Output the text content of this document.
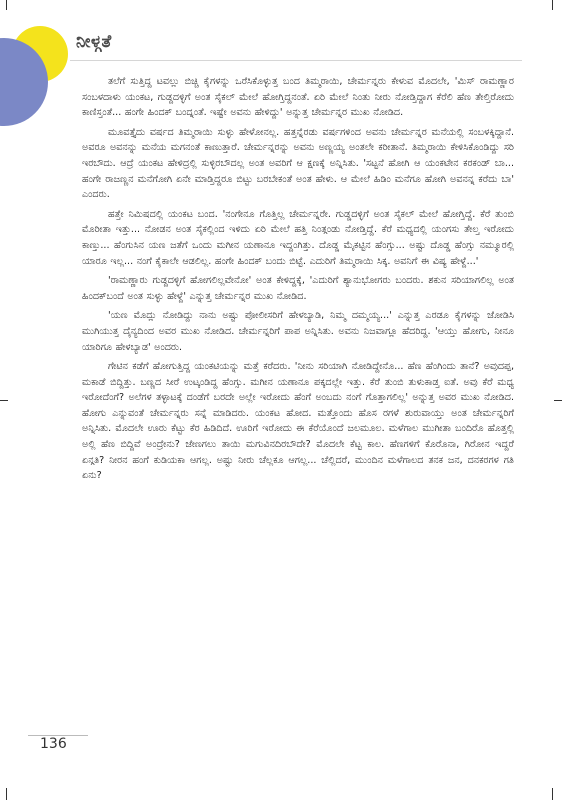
ನೀಳ್ಗತೆ

ತಲೆಗೆ ಸುತ್ತಿದ್ದ ಟವಲ್ಲು ಬಿಚ್ಚಿ ಕೈಗಳನ್ನು ಒರೆಸಿಕೊಳ್ಳುತ್ತ ಬಂದ ತಿಮ್ಮರಾಯಿ, ಚೇರ್ಮನ್ನರು ಕೇಳುವ ಮೊದಲೇ, 'ಮಿಸ್ ರಾಮಣ್ಣಾರ ಸಂಬಳದಾಳು ಯಂಕಟ, ಗುಡ್ದದಳ್ಳಿಗೆ ಅಂತ ಸೈಕಲ್ ಮೇಲೆ ಹೋಗ್ತಿದ್ದನಂತೆ. ಏರಿ ಮೇಲೆ ನಿಂತು ನೀರು ನೋಡ್ತಿದ್ದಾಗ ಕೆರೆಲಿ ಹೆಣ ತೇಲ್ತಿರೋದು ಕಾಣಿಸ್ತಂತೆ... ಹಂಗೇ ಹಿಂದಕ್ ಬಂದ್ನಂತೆ. ಇಷ್ಟೇ ಅವನು ಹೇಳಿದ್ದು' ಅನ್ನುತ್ತ ಚೇರ್ಮನ್ನರ ಮುಖ ನೋಡಿದ.

ಮೂವತ್ತೈದು ವರ್ಷದ ತಿಮ್ಮರಾಯಿ ಸುಳ್ಳು ಹೇಳೋನಲ್ಲ. ಹತ್ತನ್ನೆರಡು ವರ್ಷಗಳಿಂದ ಅವನು ಚೇರ್ಮನ್ನರ ಮನೆಯಲ್ಲಿ ಸಂಬಳಕ್ಕಿದ್ದಾನೆ. ಅವರೂ ಅವನನ್ನು ಮನೆಯ ಮಗನಂತೆ ಕಾಣುತ್ತಾರೆ. ಚೇರ್ಮನ್ನರನ್ನು ಅವನು ಅಣ್ಣಯ್ಯ ಅಂತಲೇ ಕರೀತಾನೆ. ತಿಮ್ಮರಾಯಿ ಕೇಳಿಸಿಕೊಂಡಿದ್ದು ಸರಿ ಇರಬೌದು. ಆದ್ರೆ ಯಂಕಟ ಹೇಳಿದ್ರಲ್ಲಿ ಸುಳ್ಳಿರಬೌದಲ್ಲ ಅಂತ ಅವರಿಗೆ ಆ ಕ್ಷಣಕ್ಕೆ ಅನ್ನಿಸಿತು. 'ಸಟ್ಟನೆ ಹೋಗಿ ಆ ಯಂಕಟೇನ ಕರಕಂಡ್ ಬಾ... ಹಂಗೇ ರಾಜಣ್ಣನ ಮನೆಗೋಗಿ ಏನೇ ಮಾಡ್ತಿದ್ದರೂ ಬಿಟ್ಟು ಬರಬೇಕಂತೆ ಅಂತ ಹೇಳು. ಆ ಮೇಲೆ ಹಿಡಿಂ ಮನೆಗೂ ಹೋಗಿ ಅವನನ್ನ ಕರೆದು ಬಾ' ಎಂದರು.

ಹತ್ತೇ ನಿಮಿಷದಲ್ಲಿ ಯಂಕಟ ಬಂದ. 'ನಂಗೇನೂ ಗೊತ್ತಿಲ್ಲ ಚೇರ್ಮನ್ನರೇ. ಗುಡ್ಡದಳ್ಳಿಗೆ ಅಂತ ಸೈಕಲ್ ಮೇಲೆ ಹೋಗ್ತಿದ್ದೆ. ಕೆರೆ ತುಂಬಿ ಮೊರೀತಾ ಇತ್ತು... ನೋಡನ ಅಂತ ಸೈಕಲ್ಲಿಂದ ಇಳಿದು ಏರಿ ಮೇಲೆ ಹತ್ತಿ ನಿಂತ್ಗಂಡು ನೋಡ್ತಿದ್ದೆ. ಕೆರೆ ಮಧ್ಯದಲ್ಲಿ ಯಂಗಸು ತೇಲ್ತ ಇರೋದು ಕಾಣ್ತು... ಹೆಂಗುಸಿನ ಯಣ ಜತೆಗೆ ಒಂದು ಮಗೀನ ಯಣಾನೂ ಇದ್ದಂಗಿತ್ತು. ದೊಡ್ಡ ಮೈಕಟ್ಟಿನ ಹೆಂಗ್ಸು... ಅಷ್ಟು ದೊಡ್ಡ ಹೆಂಗ್ಸು ನಮ್ಮೂರಲ್ಲಿ ಯಾರೂ ಇಲ್ಲ... ನಂಗೆ ಕೈಕಾಲೇ ಆಡಲಿಲ್ಲ. ಹಂಗೇ ಹಿಂದಕ್ ಬಂದು ಬಿಟ್ಟೆ. ಎದುರಿಗೆ ತಿಮ್ಮರಾಯಿ ಸಿಕ್ಕ. ಅವನಿಗೆ ಈ ವಿಷ್ಯ ಹೇಳ್ದೆ...'

'ರಾಮಣ್ಣಾರು ಗುಡ್ದದಳ್ಳಿಗೆ ಹೋಗಲಿಲ್ಲವೇನೋ' ಅಂತ ಕೇಳಿದ್ದಕ್ಕೆ, 'ಎದುರಿಗೆ ಶ್ಯಾನುಭೋಗರು ಬಂದರು. ಶಕುನ ಸರಿಯಾಗಲಿಲ್ಲ ಅಂತ ಹಿಂದಕ್‌ಬಂದೆ ಅಂತ ಸುಳ್ಳು ಹೇಳ್ದೆ' ಎನ್ನುತ್ತ ಚೇರ್ಮನ್ನರ ಮುಖ ನೋಡಿದ.

'ಯಣ ಮೊದ್ಲು ನೋಡಿದ್ದು ನಾನು ಅಷ್ಟು ಪೋಲೀಸರಿಗೆ ಹೇಳಬ್ಯಾಡಿ, ನಿಮ್ಮ ದಮ್ಮಯ್ಯ...' ಎನ್ನುತ್ತ ಎರಡೂ ಕೈಗಳನ್ನು ಜೋಡಿಸಿ ಮುಗಿಯುತ್ತ ದೈನ್ಯದಿಂದ ಅವರ ಮುಖ ನೋಡಿದ. ಚೇರ್ಮನ್ನರಿಗೆ ಪಾಪ ಅನ್ನಿಸಿತು. ಅವನು ನಿಜವಾಗ್ಲೂ ಹೆದರಿದ್ದ. 'ಆಯ್ತು ಹೋಗು, ನೀನೂ ಯಾರಿಗೂ ಹೇಳಬ್ಯಾಡ' ಅಂದರು.

ಗೇಟಿನ ಕಡೆಗೆ ಹೋಗುತ್ತಿದ್ದ ಯಂಕಟಿಯನ್ನು ಮತ್ತೆ ಕರೆದರು. 'ನೀನು ಸರಿಯಾಗಿ ನೋಡಿದ್ದೇನೊ... ಹೆಣ ಹೆಂಗಿಂದು ತಾನೆ? ಅವುದಪ್ಪ, ಮಕಾಡೆ ಬಿದ್ದಿತ್ತು. ಬಣ್ಣದ ಸೀರೆ ಉಟ್ಕಂಡಿದ್ದ ಹೆಂಗ್ಸು. ಮಗೀನ ಯಣಾನೂ ಪಕ್ಕದಲ್ಲೇ ಇತ್ತು. ಕೆರೆ ತುಂಬಿ ತುಳುಕಾಡ್ತ ಐತೆ. ಅವು ಕೆರೆ ಮಧ್ಯ ಇರೋದೆಂಗೆ? ಅಲೆಗಳ ತಳ್ಳಾಟಕ್ಕೆ ದಂಡೆಗೆ ಬರದೇ ಅಲ್ಲೇ ಇರೋದು ಹೆಂಗೆ ಅಂಬದು ನಂಗೆ ಗೊತ್ತಾಗಲಿಲ್ಲ' ಅನ್ನುತ್ತ ಅವರ ಮುಖ ನೋಡಿದ. ಹೋಗು ಎನ್ನುವಂತೆ ಚೇರ್ಮನ್ನರು ಸನ್ನೆ ಮಾಡಿದರು. ಯಂಕಟ ಹೋದ. ಮತ್ತೊಂದು ಹೊಸ ರಗಳೆ ಶುರುವಾಯ್ತು ಅಂತ ಚೇರ್ಮನ್ನರಿಗೆ ಅನ್ನಿಸಿತು. ಮೊದಲೇ ಊರು ಕೆಟ್ಟು ಕೆರ ಹಿಡಿದಿದೆ. ಊರಿಗೆ ಇರೋದು ಈ ಕೆರೆಯೊಂದೆ ಜಲಮೂಲ. ಮಳೆಗಾಲ ಮುಗೀತಾ ಬಂದಿರೊ ಹೊತ್ತಲ್ಲಿ ಅಲ್ಲಿ ಹೆಣ ಬಿದ್ದಿವೆ ಅಂದ್ರೇನು? ಜೇಣಗಲು ತಾಯಿ ಮಗುವಿನದಿರಬೌದೇ? ಮೊದಲೇ ಕೆಟ್ಟ ಕಾಲ. ಹೆಣಗಳಿಗೆ ಕೊರೊನಾ, ಗಿರೋನ ಇದ್ದರೆ ಏನ್ಗತಿ? ನೀರನ ಹಂಗೆ ಕುಡಿಯಕಾ ಆಗಲ್ಲ. ಅಷ್ಟು ನೀರು ಚೆಲ್ಲಕೂ ಆಗಲ್ಲ... ಚೆಲ್ಲಿದರೆ, ಮುಂದಿನ ಮಳೆಗಾಲದ ತನಕ ಜನ, ದನಕರಗಳ ಗತಿ ಏನು?

136
